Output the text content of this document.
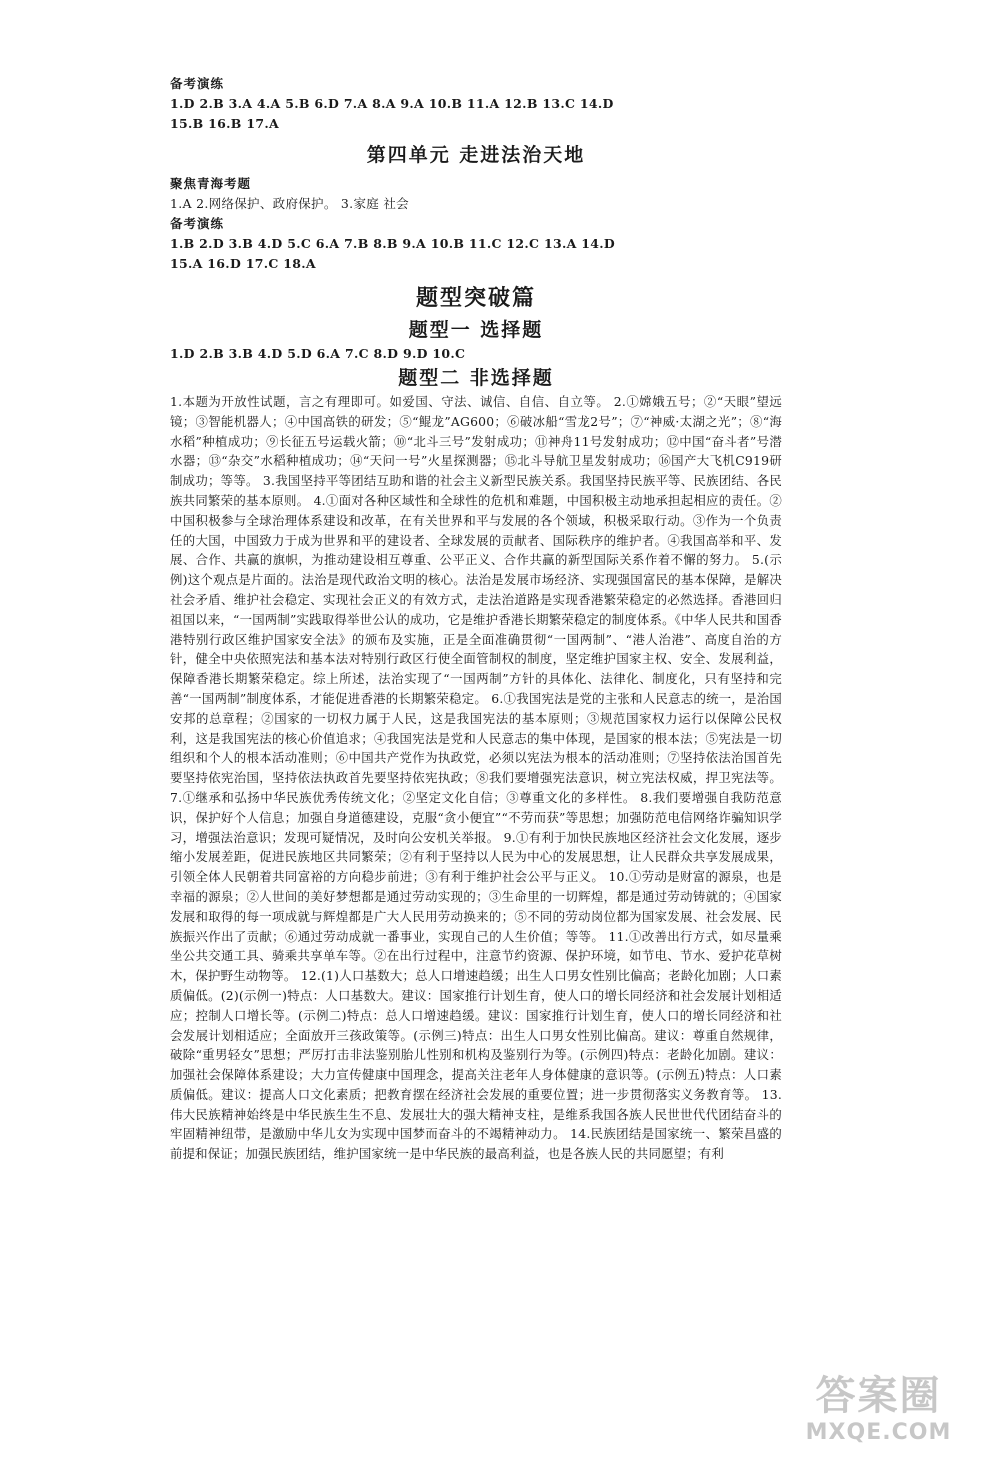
备考演练
1.D 2.B 3.A 4.A 5.B 6.D 7.A 8.A 9.A 10.B 11.A 12.B 13.C 14.D
15.B 16.B 17.A
第四单元 走进法治天地
聚焦青海考题
1.A 2.网络保护、政府保护。 3.家庭 社会
备考演练
1.B 2.D 3.B 4.D 5.C 6.A 7.B 8.B 9.A 10.B 11.C 12.C 13.A 14.D
15.A 16.D 17.C 18.A
题型突破篇
题型一 选择题
1.D 2.B 3.B 4.D 5.D 6.A 7.C 8.D 9.D 10.C
题型二 非选择题
1.本题为开放性试题，言之有理即可。如爱国、守法、诚信、自信、自立等。 2.①嫦娥五号；②“天眼”望远镜；③智能机器人；④中国高铁的研发；⑤“鲲龙”AG600；⑥破冰船“雪龙2号”；⑦“神威·太湖之光”；⑧“海水稻”种植成功；⑨长征五号运载火箭；⑩“北斗三号”发射成功；⑪神舟11号发射成功；⑫中国“奋斗者”号潜水器；⑬“杂交”水稻种植成功；⑭“天问一号”火星探测器；⑮北斗导航卫星发射成功；⑯国产大飞机C919研制成功；等等。 3.我国坚持平等团结互助和谐的社会主义新型民族关系。我国坚持民族平等、民族团结、各民族共同繁荣的基本原则。 4.①面对各种区域性和全球性的危机和难题，中国积极主动地承担起相应的责任。②中国积极参与全球治理体系建设和改革，在有关世界和平与发展的各个领域，积极采取行动。③作为一个负责任的大国，中国致力于成为世界和平的建设者、全球发展的贡献者、国际秩序的维护者。④我国高举和平、发展、合作、共赢的旗帜，为推动建设相互尊重、公平正义、合作共赢的新型国际关系作着不懈的努力。 5.(示例)这个观点是片面的。法治是现代政治文明的核心。法治是发展市场经济、实现强国富民的基本保障，是解决社会矛盾、维护社会稳定、实现社会正义的有效方式，走法治道路是实现香港繁荣稳定的必然选择。香港回归祖国以来，“一国两制”实践取得举世公认的成功，它是维护香港长期繁荣稳定的制度体系。《中华人民共和国香港特别行政区维护国家安全法》的颁布及实施，正是全面准确贯彻“一国两制”、“港人治港”、高度自治的方针，健全中央依照宪法和基本法对特别行政区行使全面管制权的制度，坚定维护国家主权、安全、发展利益，保障香港长期繁荣稳定。综上所述，法治实现了“一国两制”方针的具体化、法律化、制度化，只有坚持和完善“一国两制”制度体系，才能促进香港的长期繁荣稳定。 6.①我国宪法是党的主张和人民意志的统一，是治国安邦的总章程；②国家的一切权力属于人民，这是我国宪法的基本原则；③规范国家权力运行以保障公民权利，这是我国宪法的核心价值追求；④我国宪法是党和人民意志的集中体现，是国家的根本法；⑤宪法是一切组织和个人的根本活动准则；⑥中国共产党作为执政党，必须以宪法为根本的活动准则；⑦坚持依法治国首先要坚持依宪治国，坚持依法执政首先要坚持依宪执政；⑧我们要增强宪法意识，树立宪法权威，捍卫宪法等。 7.①继承和弘扬中华民族优秀传统文化；②坚定文化自信；③尊重文化的多样性。 8.我们要增强自我防范意识，保护好个人信息；加强自身道德建设，克服“贪小便宜”“不劳而获”等思想；加强防范电信网络诈骗知识学习，增强法治意识；发现可疑情况，及时向公安机关举报。 9.①有利于加快民族地区经济社会文化发展，逐步缩小发展差距，促进民族地区共同繁荣；②有利于坚持以人民为中心的发展思想，让人民群众共享发展成果，引领全体人民朝着共同富裕的方向稳步前进；③有利于维护社会公平与正义。 10.①劳动是财富的源泉，也是幸福的源泉；②人世间的美好梦想都是通过劳动实现的；③生命里的一切辉煌，都是通过劳动铸就的；④国家发展和取得的每一项成就与辉煌都是广大人民用劳动换来的；⑤不同的劳动岗位都为国家发展、社会发展、民族振兴作出了贡献；⑥通过劳动成就一番事业，实现自己的人生价值；等等。 11.①改善出行方式，如尽量乘坐公共交通工具、骑乘共享单车等。②在出行过程中，注意节约资源、保护环境，如节电、节水、爱护花草树木，保护野生动物等。 12.(1)人口基数大；总人口增速趋缓；出生人口男女性别比偏高；老龄化加剧；人口素质偏低。(2)(示例一)特点：人口基数大。建议：国家推行计划生育，使人口的增长同经济和社会发展计划相适应；控制人口增长等。(示例二)特点：总人口增速趋缓。建议：国家推行计划生育，使人口的增长同经济和社会发展计划相适应；全面放开三孩政策等。(示例三)特点：出生人口男女性别比偏高。建议：尊重自然规律，破除“重男轻女”思想；严厉打击非法鉴别胎儿性别和机构及鉴别行为等。(示例四)特点：老龄化加剧。建议：加强社会保障体系建设；大力宣传健康中国理念，提高关注老年人身体健康的意识等。(示例五)特点：人口素质偏低。建议：提高人口文化素质；把教育摆在经济社会发展的重要位置；进一步贯彻落实义务教育等。 13.伟大民族精神始终是中华民族生生不息、发展壮大的强大精神支柱，是维系我国各族人民世世代代团结奋斗的牢固精神纽带，是激励中华儿女为实现中国梦而奋斗的不竭精神动力。 14.民族团结是国家统一、繁荣昌盛的前提和保证；加强民族团结，维护国家统一是中华民族的最高利益，也是各族人民的共同愿望；有利
答案圈
MXQE.COM
